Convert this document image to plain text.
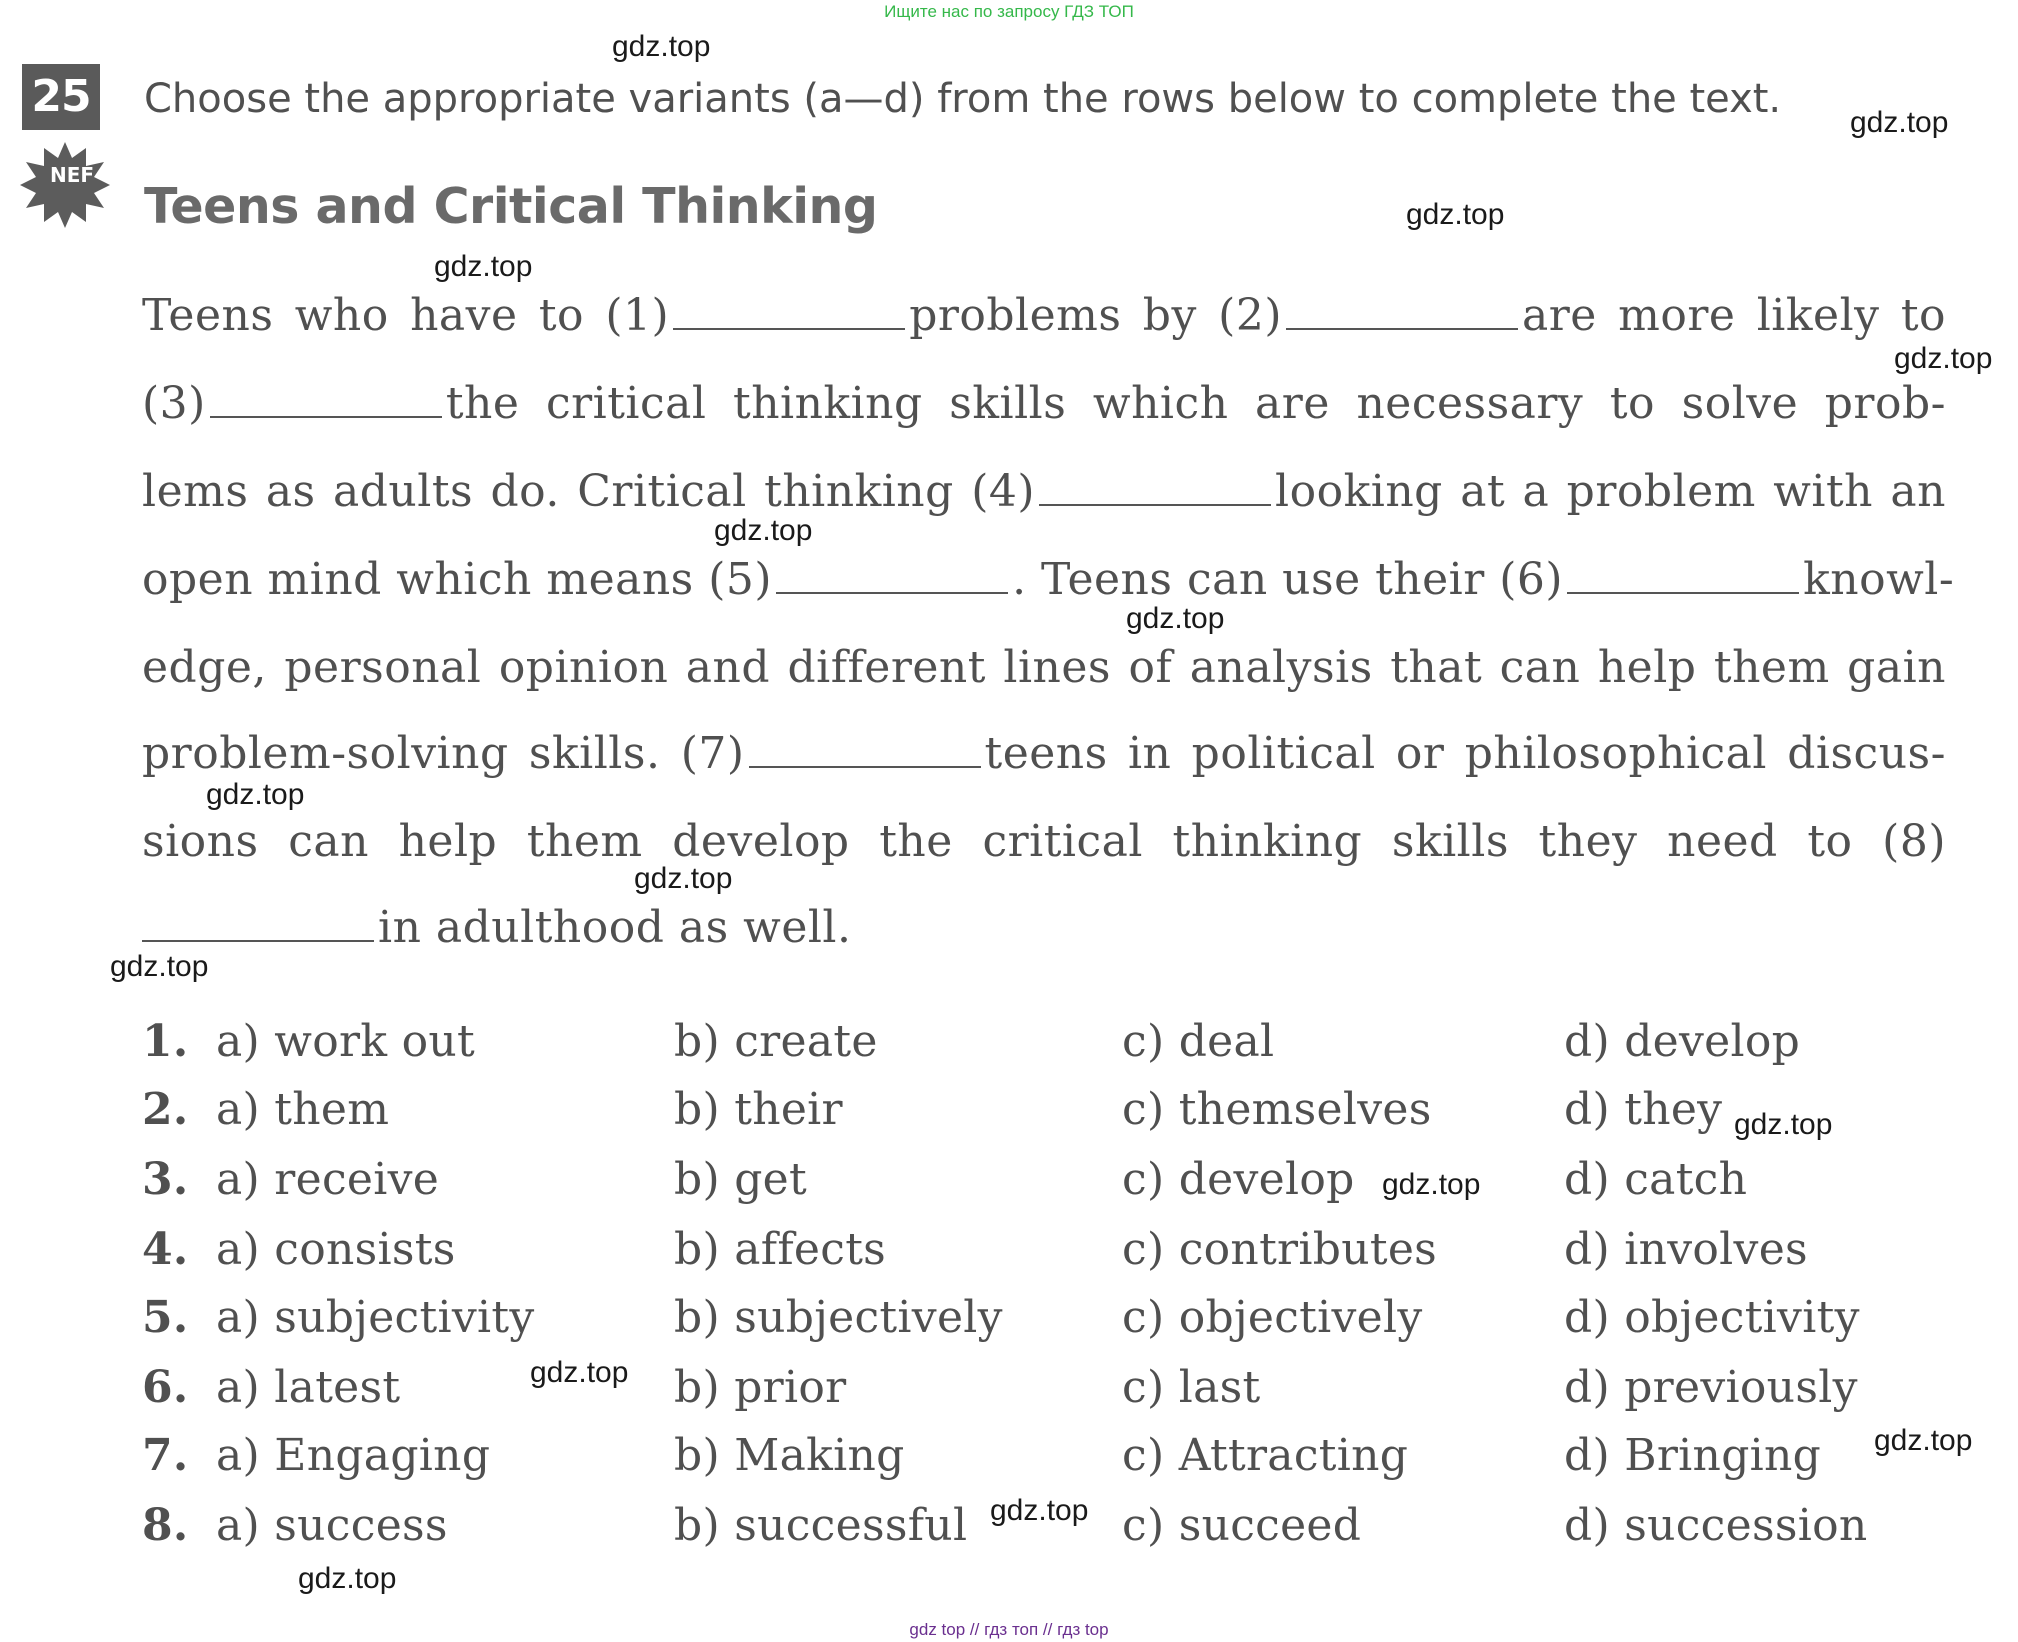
Ищите нас по запросу ГДЗ ТОП
gdz top // гдз топ // гдз top
25
NEF
Choose the appropriate variants (a—d) from the rows below to complete the text.
Teens and Critical Thinking
Teens who have to (1)	problems by (2)	are more likely to
(3)	the critical thinking skills which are necessary to solve prob-
lems as adults do. Critical thinking (4)	looking at a problem with an
open mind which means (5)	. Teens can use their (6)	knowl-
edge, personal opinion and different lines of analysis that can help them gain
problem-solving skills. (7)	teens in political or philosophical discus-
sions can help them develop the critical thinking skills they need to (8)
in adulthood as well.
1. a) work out	b) create	c) deal	d) develop
2. a) them	b) their	c) themselves	d) they
3. a) receive	b) get	c) develop	d) catch
4. a) consists	b) affects	c) contributes	d) involves
5. a) subjectivity	b) subjectively	c) objectively	d) objectivity
6. a) latest	b) prior	c) last	d) previously
7. a) Engaging	b) Making	c) Attracting	d) Bringing
8. a) success	b) successful	c) succeed	d) succession
gdz.top
gdz.top
gdz.top
gdz.top
gdz.top
gdz.top
gdz.top
gdz.top
gdz.top
gdz.top
gdz.top
gdz.top
gdz.top
gdz.top
gdz.top
gdz.top
